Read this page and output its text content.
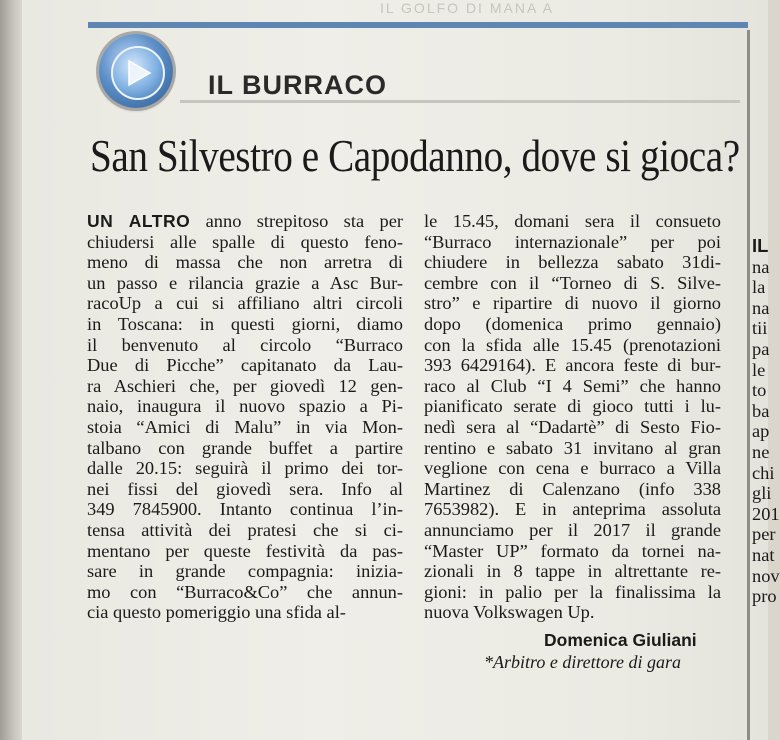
IL GOLFO DI MANA A
IL BURRACO
San Silvestro e Capodanno, dove si gioca?

UN ALTRO anno strepitoso sta per

chiudersi alle spalle di questo feno-

meno di massa che non arretra di

un passo e rilancia grazie a Asc Bur-

racoUp a cui si affiliano altri circoli

in Toscana: in questi giorni, diamo

il benvenuto al circolo “Burraco

Due di Picche” capitanato da Lau-

ra Aschieri che, per giovedì 12 gen-

naio, inaugura il nuovo spazio a Pi-

stoia “Amici di Malu” in via Mon-

talbano con grande buffet a partire

dalle 20.15: seguirà il primo dei tor-

nei fissi del giovedì sera. Info al

349 7845900. Intanto continua l’in-

tensa attività dei pratesi che si ci-

mentano per queste festività da pas-

sare in grande compagnia: inizia-

mo con “Burraco&Co” che annun-

cia questo pomeriggio una sfida al-

le 15.45, domani sera il consueto

“Burraco internazionale” per poi

chiudere in bellezza sabato 31di-

cembre con il “Torneo di S. Silve-

stro” e ripartire di nuovo il giorno

dopo (domenica primo gennaio)

con la sfida alle 15.45 (prenotazioni

393 6429164). E ancora feste di bur-

raco al Club “I 4 Semi” che hanno

pianificato serate di gioco tutti i lu-

nedì sera al “Dadartè” di Sesto Fio-

rentino e sabato 31 invitano al gran

veglione con cena e burraco a Villa

Martinez di Calenzano (info 338

7653982). E in anteprima assoluta

annunciamo per il 2017 il grande

“Master UP” formato da tornei na-

zionali in 8 tappe in altrettante re-

gioni: in palio per la finalissima la

nuova Volkswagen Up.

Domenica Giuliani
*Arbitro e direttore di gara

IL

na

la

na

tii

pa

le

to

ba

ap

ne

chi

gli

201

per

nat

nov

pro
